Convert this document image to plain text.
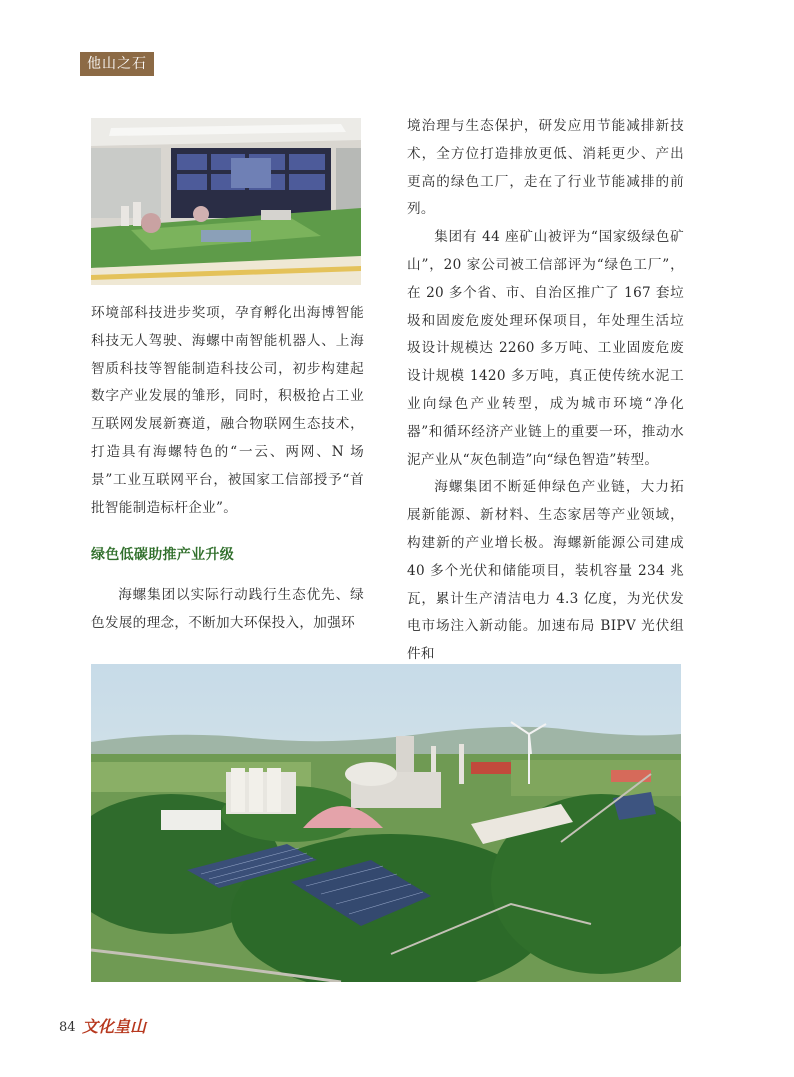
他山之石

环境部科技进步奖项，孕育孵化出海博智能科技无人驾驶、海螺中南智能机器人、上海智质科技等智能制造科技公司，初步构建起数字产业发展的雏形，同时，积极抢占工业互联网发展新赛道，融合物联网生态技术，打造具有海螺特色的“一云、两网、N 场景”工业互联网平台，被国家工信部授予“首批智能制造标杆企业”。

绿色低碳助推产业升级

海螺集团以实际行动践行生态优先、绿色发展的理念，不断加大环保投入，加强环

境治理与生态保护，研发应用节能减排新技术，全方位打造排放更低、消耗更少、产出更高的绿色工厂，走在了行业节能减排的前列。

集团有 44 座矿山被评为“国家级绿色矿山”，20 家公司被工信部评为“绿色工厂”，在 20 多个省、市、自治区推广了 167 套垃圾和固废危废处理环保项目，年处理生活垃圾设计规模达 2260 多万吨、工业固废危废设计规模 1420 多万吨，真正使传统水泥工业向绿色产业转型，成为城市环境“净化器”和循环经济产业链上的重要一环，推动水泥产业从“灰色制造”向“绿色智造”转型。

海螺集团不断延伸绿色产业链，大力拓展新能源、新材料、生态家居等产业领域，构建新的产业增长极。海螺新能源公司建成 40 多个光伏和储能项目，装机容量 234 兆瓦，累计生产清洁电力 4.3 亿度，为光伏发电市场注入新动能。加速布局 BIPV 光伏组件和

84 文化皇山
